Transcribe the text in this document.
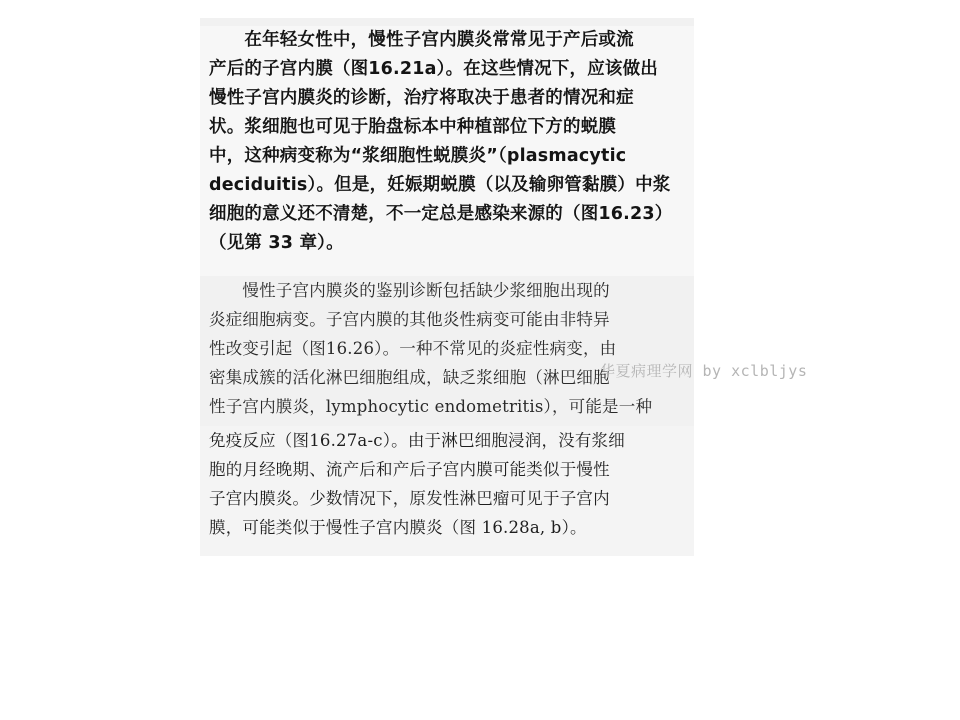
　　在年轻女性中，慢性子宫内膜炎常常见于产后或流
产后的子宫内膜（图16.21a）。在这些情况下，应该做出
慢性子宫内膜炎的诊断，治疗将取决于患者的情况和症
状。浆细胞也可见于胎盘标本中种植部位下方的蜕膜
中，这种病变称为“浆细胞性蜕膜炎”（plasmacytic
deciduitis）。但是，妊娠期蜕膜（以及输卵管黏膜）中浆
细胞的意义还不清楚，不一定总是感染来源的（图16.23）
（见第 33 章）。

　　慢性子宫内膜炎的鉴别诊断包括缺少浆细胞出现的
炎症细胞病变。子宫内膜的其他炎性病变可能由非特异
性改变引起（图16.26）。一种不常见的炎症性病变，由
密集成簇的活化淋巴细胞组成，缺乏浆细胞（淋巴细胞
性子宫内膜炎，lymphocytic endometritis），可能是一种

免疫反应（图16.27a-c）。由于淋巴细胞浸润，没有浆细
胞的月经晚期、流产后和产后子宫内膜可能类似于慢性
子宫内膜炎。少数情况下，原发性淋巴瘤可见于子宫内
膜，可能类似于慢性子宫内膜炎（图 16.28a, b）。

华夏病理学网 by xclbljys
